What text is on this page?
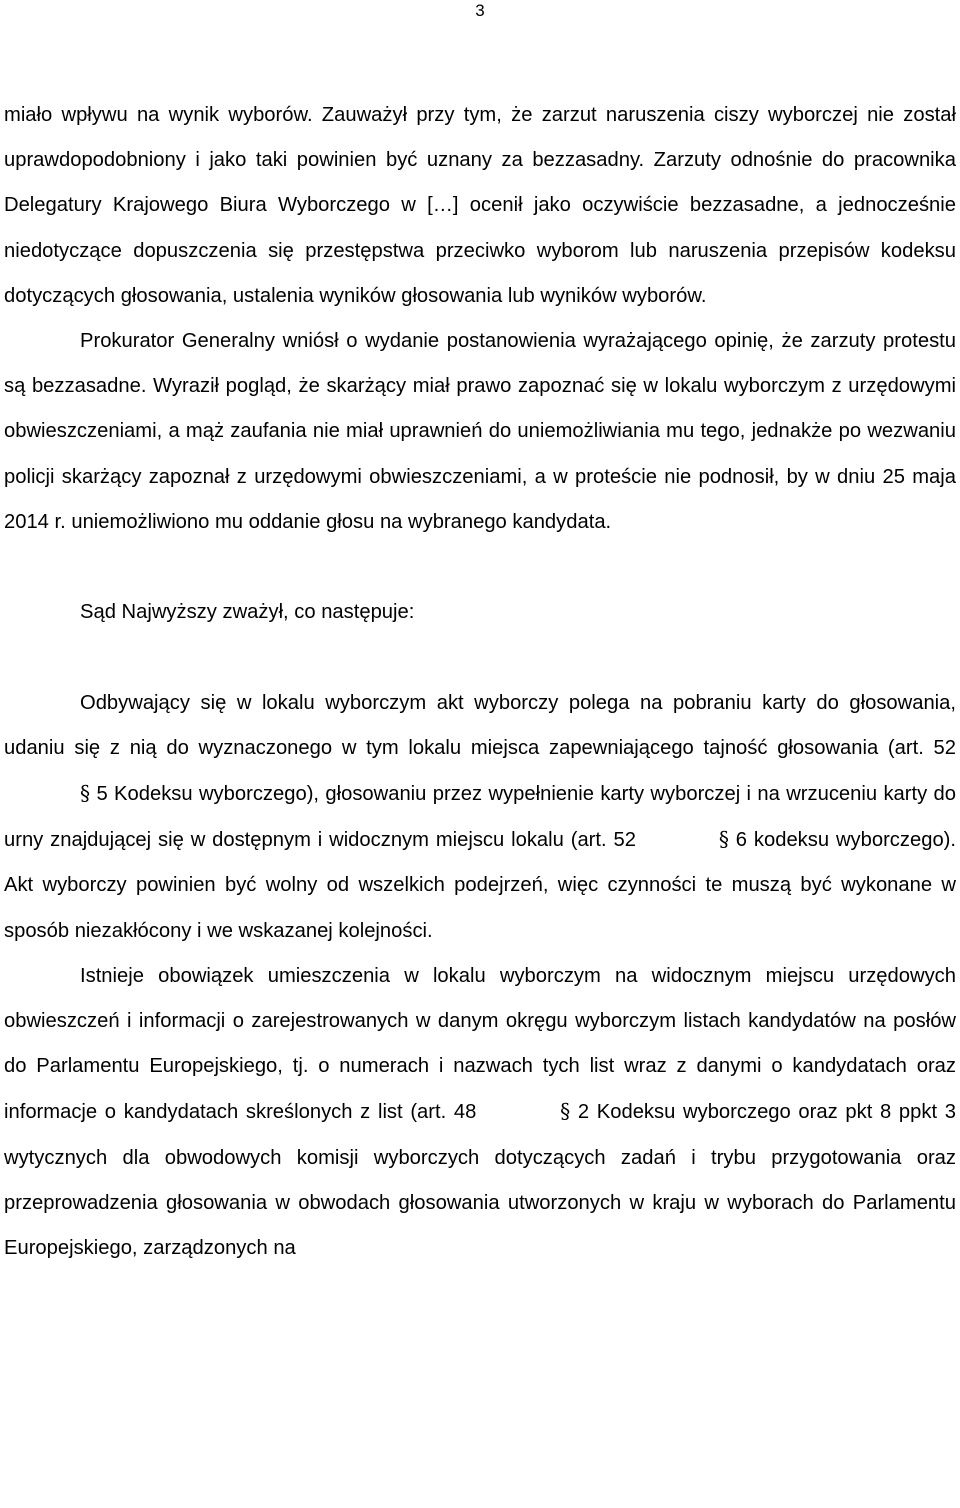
3

miało wpływu na wynik wyborów. Zauważył przy tym, że zarzut naruszenia ciszy wyborczej nie został uprawdopodobniony i jako taki powinien być uznany za bezzasadny. Zarzuty odnośnie do pracownika Delegatury Krajowego Biura Wyborczego w […] ocenił jako oczywiście bezzasadne, a jednocześnie niedotyczące dopuszczenia się przestępstwa przeciwko wyborom lub naruszenia przepisów kodeksu dotyczących głosowania, ustalenia wyników głosowania lub wyników wyborów.

Prokurator Generalny wniósł o wydanie postanowienia wyrażającego opinię, że zarzuty protestu są bezzasadne. Wyraził pogląd, że skarżący miał prawo zapoznać się w lokalu wyborczym z urzędowymi obwieszczeniami, a mąż zaufania nie miał uprawnień do uniemożliwiania mu tego, jednakże po wezwaniu policji skarżący zapoznał z urzędowymi obwieszczeniami, a w proteście nie podnosił, by w dniu 25 maja 2014 r. uniemożliwiono mu oddanie głosu na wybranego kandydata.

Sąd Najwyższy zważył, co następuje:

Odbywający się w lokalu wyborczym akt wyborczy polega na pobraniu karty do głosowania, udaniu się z nią do wyznaczonego w tym lokalu miejsca zapewniającego tajność głosowania (art. 52 § 5 Kodeksu wyborczego), głosowaniu przez wypełnienie karty wyborczej i na wrzuceniu karty do urny znajdującej się w dostępnym i widocznym miejscu lokalu (art. 52	§ 6 kodeksu wyborczego). Akt wyborczy powinien być wolny od wszelkich podejrzeń, więc czynności te muszą być wykonane w sposób niezakłócony i we wskazanej kolejności.

Istnieje obowiązek umieszczenia w lokalu wyborczym na widocznym miejscu urzędowych obwieszczeń i informacji o zarejestrowanych w danym okręgu wyborczym listach kandydatów na posłów do Parlamentu Europejskiego, tj. o numerach i nazwach tych list wraz z danymi o kandydatach oraz informacje o kandydatach skreślonych z list (art. 48	§ 2 Kodeksu wyborczego oraz pkt 8 ppkt 3 wytycznych dla obwodowych komisji wyborczych dotyczących zadań i trybu przygotowania oraz przeprowadzenia głosowania w obwodach głosowania utworzonych w kraju w wyborach do Parlamentu Europejskiego, zarządzonych na
